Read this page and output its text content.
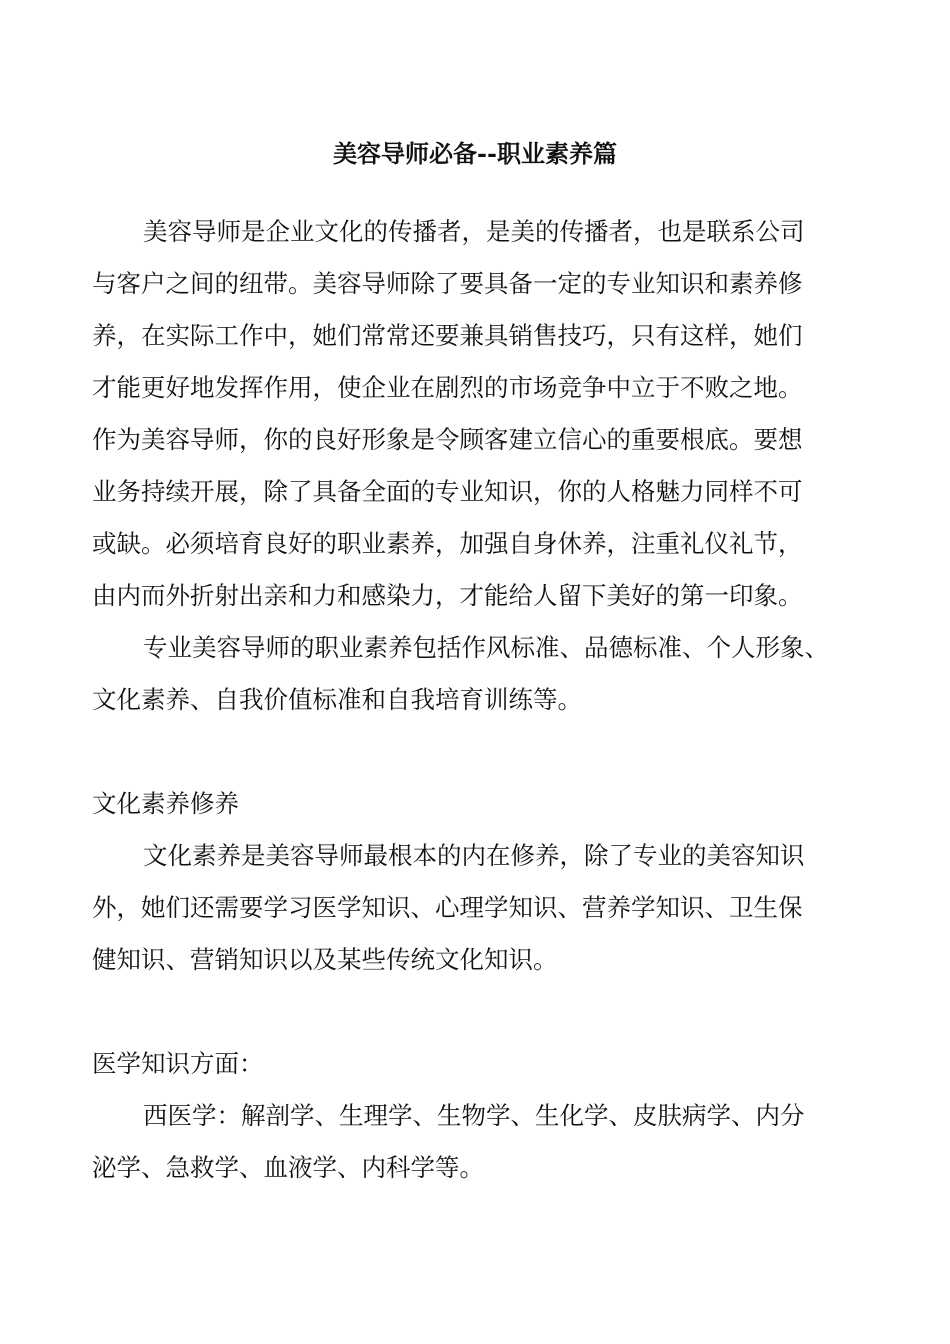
美容导师必备--职业素养篇
美容导师是企业文化的传播者，是美的传播者，也是联系公司
与客户之间的纽带。美容导师除了要具备一定的专业知识和素养修
养，在实际工作中，她们常常还要兼具销售技巧，只有这样，她们
才能更好地发挥作用，使企业在剧烈的市场竞争中立于不败之地。
作为美容导师，你的良好形象是令顾客建立信心的重要根底。要想
业务持续开展，除了具备全面的专业知识，你的人格魅力同样不可
或缺。必须培育良好的职业素养，加强自身休养，注重礼仪礼节，
由内而外折射出亲和力和感染力，才能给人留下美好的第一印象。
专业美容导师的职业素养包括作风标准、品德标准、个人形象、
文化素养、自我价值标准和自我培育训练等。
文化素养修养
文化素养是美容导师最根本的内在修养，除了专业的美容知识
外，她们还需要学习医学知识、心理学知识、营养学知识、卫生保
健知识、营销知识以及某些传统文化知识。
医学知识方面：
西医学：解剖学、生理学、生物学、生化学、皮肤病学、内分
泌学、急救学、血液学、内科学等。
